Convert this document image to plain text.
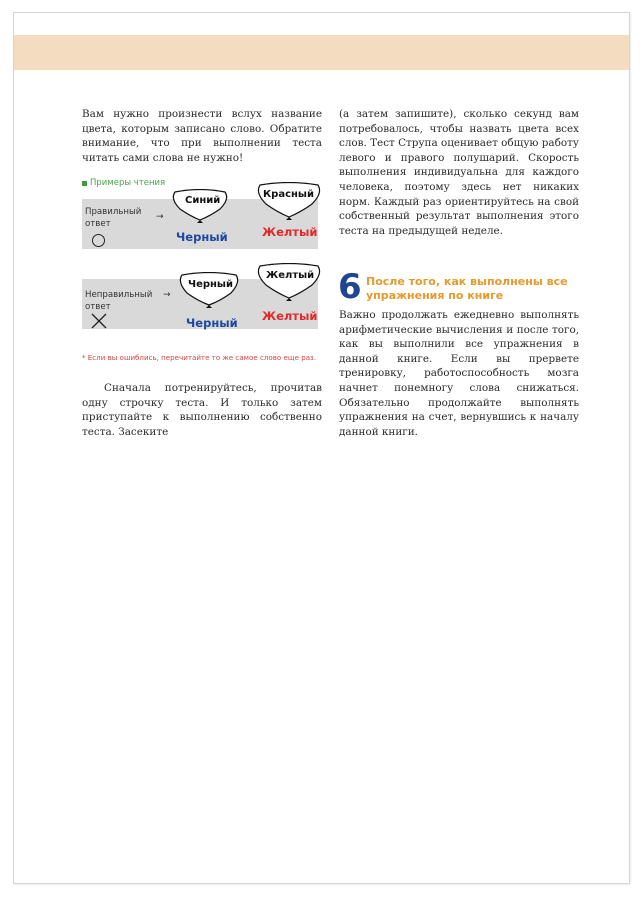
Вам нужно произнести вслух название цвета, которым записано слово. Обратите внимание, что при выполнении теста читать сами слова не нужно!

Примеры чтения
Правильный
ответ
→
Синий
Красный
Черный	Желтый
Неправильный
ответ
→
Черный
Желтый
Черный Желтый
* Если вы ошиблись, перечитайте то же самое слово еще раз.

Сначала потренируйтесь, прочитав одну строчку теста. И только затем приступайте к выполнению собственно теста. Засеките

(а затем запишите), сколько секунд вам потребовалось, чтобы назвать цвета всех слов. Тест Струпа оценивает общую работу левого и правого полушарий. Скорость выполнения индивидуальна для каждого человека, поэтому здесь нет никаких норм. Каждый раз ориентируйтесь на свой собственный результат выполнения этого теста на предыдущей неделе.

6 После того, как выполнены все упражнения по книге

Важно продолжать ежедневно выполнять арифметические вычисления и после того, как вы выполнили все упражнения в данной книге. Если вы прервете тренировку, работоспособность мозга начнет понемногу слова снижаться. Обязательно продолжайте выполнять упражнения на счет, вернувшись к началу данной книги.
